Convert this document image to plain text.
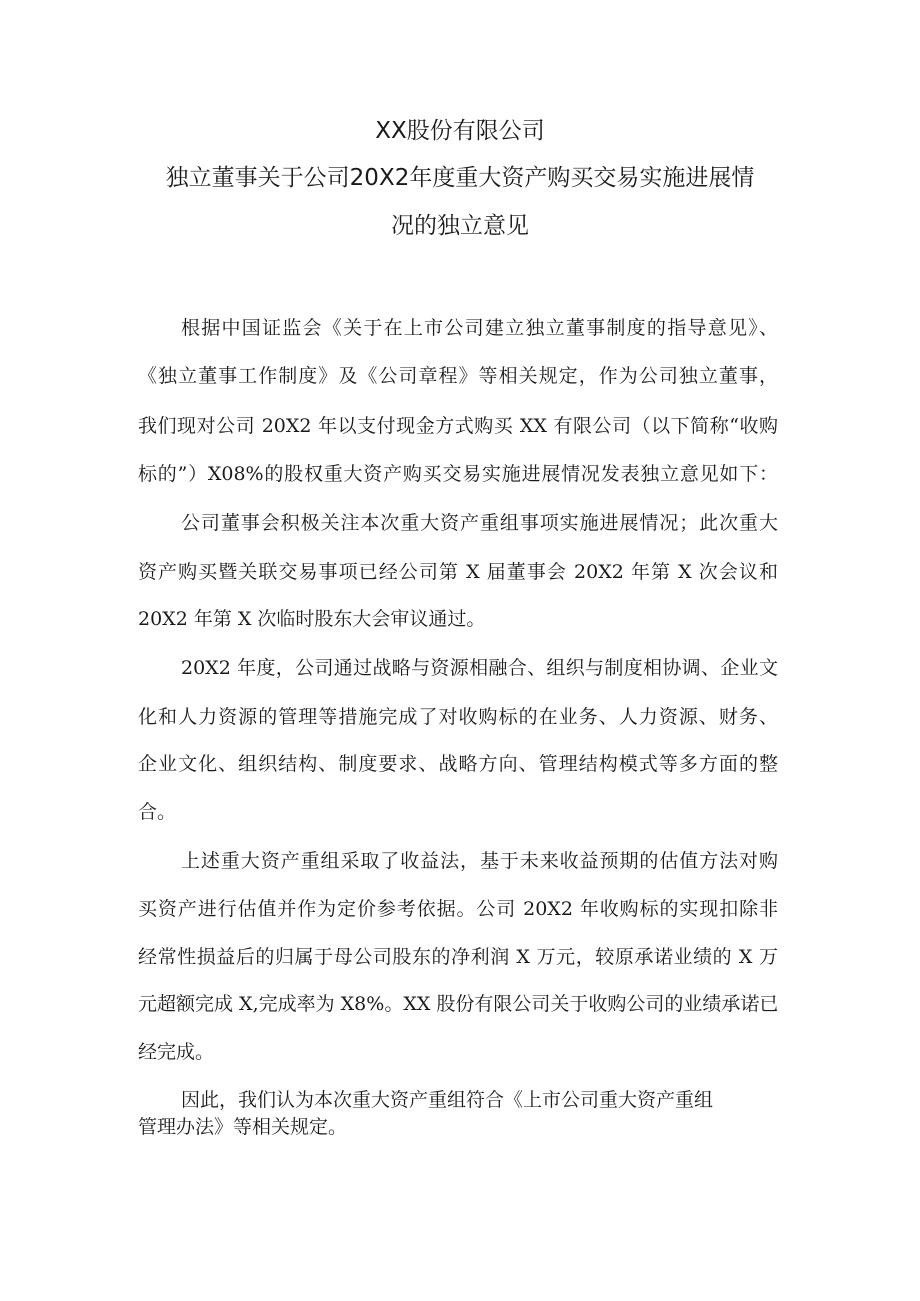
XX股份有限公司
独立董事关于公司20X2年度重大资产购买交易实施进展情
况的独立意见
根据中国证监会《关于在上市公司建立独立董事制度的指导意见》、
《独立董事工作制度》及《公司章程》等相关规定，作为公司独立董事，
我们现对公司 20X2 年以支付现金方式购买 XX 有限公司（以下简称“收购
标的”）X08%的股权重大资产购买交易实施进展情况发表独立意见如下：
公司董事会积极关注本次重大资产重组事项实施进展情况；此次重大
资产购买暨关联交易事项已经公司第 X 届董事会 20X2 年第 X 次会议和
20X2 年第 X 次临时股东大会审议通过。
20X2 年度，公司通过战略与资源相融合、组织与制度相协调、企业文
化和人力资源的管理等措施完成了对收购标的在业务、人力资源、财务、
企业文化、组织结构、制度要求、战略方向、管理结构模式等多方面的整
合。
上述重大资产重组采取了收益法，基于未来收益预期的估值方法对购
买资产进行估值并作为定价参考依据。公司 20X2 年收购标的实现扣除非
经常性损益后的归属于母公司股东的净利润 X 万元，较原承诺业绩的 X 万
元超额完成 X,完成率为 X8%。XX 股份有限公司关于收购公司的业绩承诺已
经完成。
因此，我们认为本次重大资产重组符合《上市公司重大资产重组
管理办法》等相关规定。
